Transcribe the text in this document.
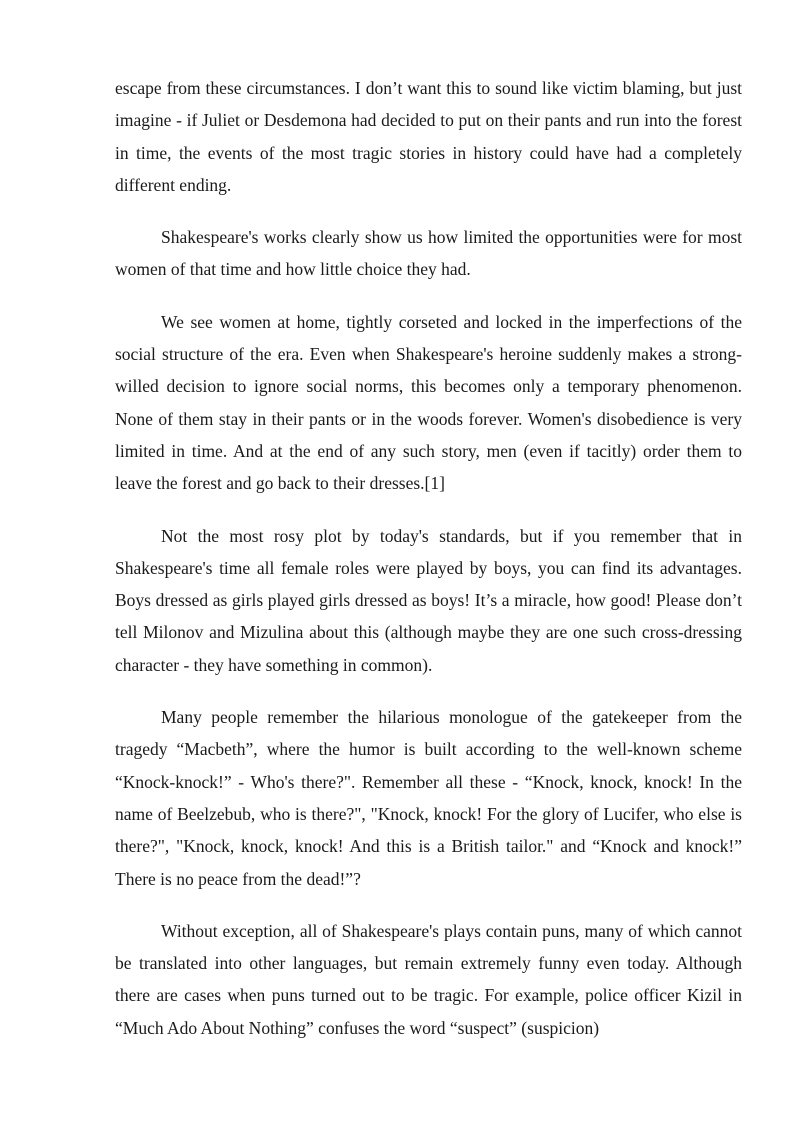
escape from these circumstances. I don’t want this to sound like victim blaming, but just imagine - if Juliet or Desdemona had decided to put on their pants and run into the forest in time, the events of the most tragic stories in history could have had a completely different ending.

Shakespeare's works clearly show us how limited the opportunities were for most women of that time and how little choice they had.

We see women at home, tightly corseted and locked in the imperfections of the social structure of the era. Even when Shakespeare's heroine suddenly makes a strong-willed decision to ignore social norms, this becomes only a temporary phenomenon. None of them stay in their pants or in the woods forever. Women's disobedience is very limited in time. And at the end of any such story, men (even if tacitly) order them to leave the forest and go back to their dresses.[1]

Not the most rosy plot by today's standards, but if you remember that in Shakespeare's time all female roles were played by boys, you can find its advantages. Boys dressed as girls played girls dressed as boys! It’s a miracle, how good! Please don’t tell Milonov and Mizulina about this (although maybe they are one such cross-dressing character - they have something in common).

Many people remember the hilarious monologue of the gatekeeper from the tragedy “Macbeth”, where the humor is built according to the well-known scheme “Knock-knock!” - Who's there?". Remember all these - “Knock, knock, knock! In the name of Beelzebub, who is there?", "Knock, knock! For the glory of Lucifer, who else is there?", "Knock, knock, knock! And this is a British tailor." and “Knock and knock!” There is no peace from the dead!”?

Without exception, all of Shakespeare's plays contain puns, many of which cannot be translated into other languages, but remain extremely funny even today. Although there are cases when puns turned out to be tragic. For example, police officer Kizil in “Much Ado About Nothing” confuses the word “suspect” (suspicion)
